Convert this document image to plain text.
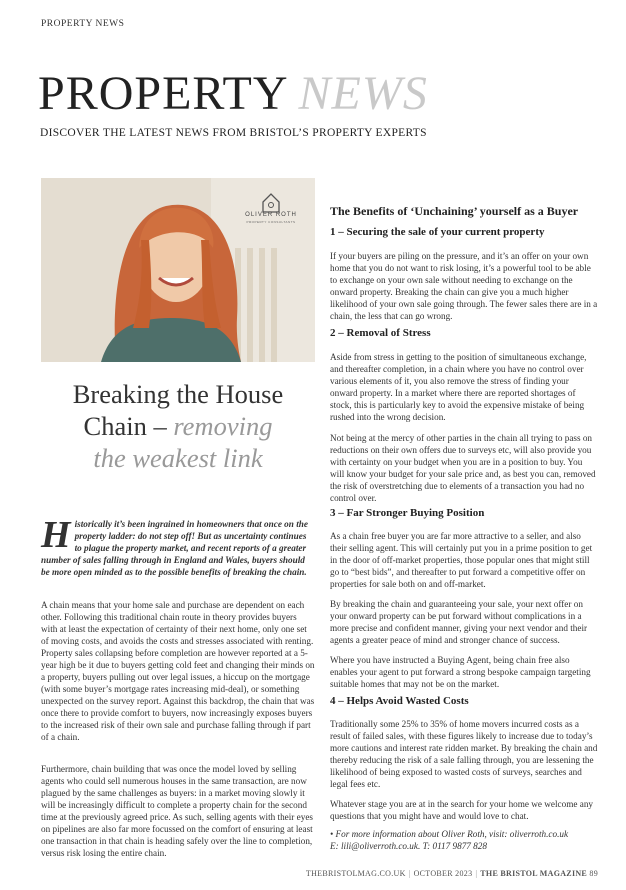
PROPERTY NEWS
PROPERTY NEWS
DISCOVER THE LATEST NEWS FROM BRISTOL’S PROPERTY EXPERTS
OLIVER ROTH
PROPERTY CONSULTANTS
Breaking the House
Chain – removing
the weakest link
Historically it’s been ingrained in homeowners that once on the property ladder: do not step off! But as uncertainty continues to plague the property market, and recent reports of a greater number of sales falling through in England and Wales, buyers should be more open minded as to the possible benefits of breaking the chain.

A chain means that your home sale and purchase are dependent on each other. Following this traditional chain route in theory provides buyers with at least the expectation of certainty of their next home, only one set of moving costs, and avoids the costs and stresses associated with renting. Property sales collapsing before completion are however reported at a 5-year high be it due to buyers getting cold feet and changing their minds on a property, buyers pulling out over legal issues, a hiccup on the mortgage (with some buyer’s mortgage rates increasing mid-deal), or something unexpected on the survey report. Against this backdrop, the chain that was once there to provide comfort to buyers, now increasingly exposes buyers to the increased risk of their own sale and purchase falling through if part of a chain.

Furthermore, chain building that was once the model loved by selling agents who could sell numerous houses in the same transaction, are now plagued by the same challenges as buyers: in a market moving slowly it will be increasingly difficult to complete a property chain for the second time at the previously agreed price. As such, selling agents with their eyes on pipelines are also far more focussed on the comfort of ensuring at least one transaction in that chain is heading safely over the line to completion, versus risk losing the entire chain.

The Benefits of ‘Unchaining’ yourself as a Buyer
1 – Securing the sale of your current property

If your buyers are piling on the pressure, and it’s an offer on your own home that you do not want to risk losing, it’s a powerful tool to be able to exchange on your own sale without needing to exchange on the onward property. Breaking the chain can give you a much higher likelihood of your own sale going through. The fewer sales there are in a chain, the less that can go wrong.

2 – Removal of Stress

Aside from stress in getting to the position of simultaneous exchange, and thereafter completion, in a chain where you have no control over various elements of it, you also remove the stress of finding your onward property. In a market where there are reported shortages of stock, this is particularly key to avoid the expensive mistake of being rushed into the wrong decision.

Not being at the mercy of other parties in the chain all trying to pass on reductions on their own offers due to surveys etc, will also provide you with certainty on your budget when you are in a position to buy. You will know your budget for your sale price and, as best you can, removed the risk of overstretching due to elements of a transaction you had no control over.

3 – Far Stronger Buying Position

As a chain free buyer you are far more attractive to a seller, and also their selling agent. This will certainly put you in a prime position to get in the door of off-market properties, those popular ones that might still go to “best bids”, and thereafter to put forward a competitive offer on properties for sale both on and off-market.

By breaking the chain and guaranteeing your sale, your next offer on your onward property can be put forward without complications in a more precise and confident manner, giving your next vendor and their agents a greater peace of mind and stronger chance of success.

Where you have instructed a Buying Agent, being chain free also enables your agent to put forward a strong bespoke campaign targeting suitable homes that may not be on the market.

4 – Helps Avoid Wasted Costs

Traditionally some 25% to 35% of home movers incurred costs as a result of failed sales, with these figures likely to increase due to today’s more cautions and interest rate ridden market. By breaking the chain and thereby reducing the risk of a sale falling through, you are lessening the likelihood of being exposed to wasted costs of surveys, searches and legal fees etc.

Whatever stage you are at in the search for your home we welcome any questions that you might have and would love to chat.

• For more information about Oliver Roth, visit: oliverroth.co.uk
E: lili@oliverroth.co.uk. T: 0117 9877 828
THEBRISTOLMAG.CO.UK | OCTOBER 2023 | THE BRISTOL MAGAZINE 89
